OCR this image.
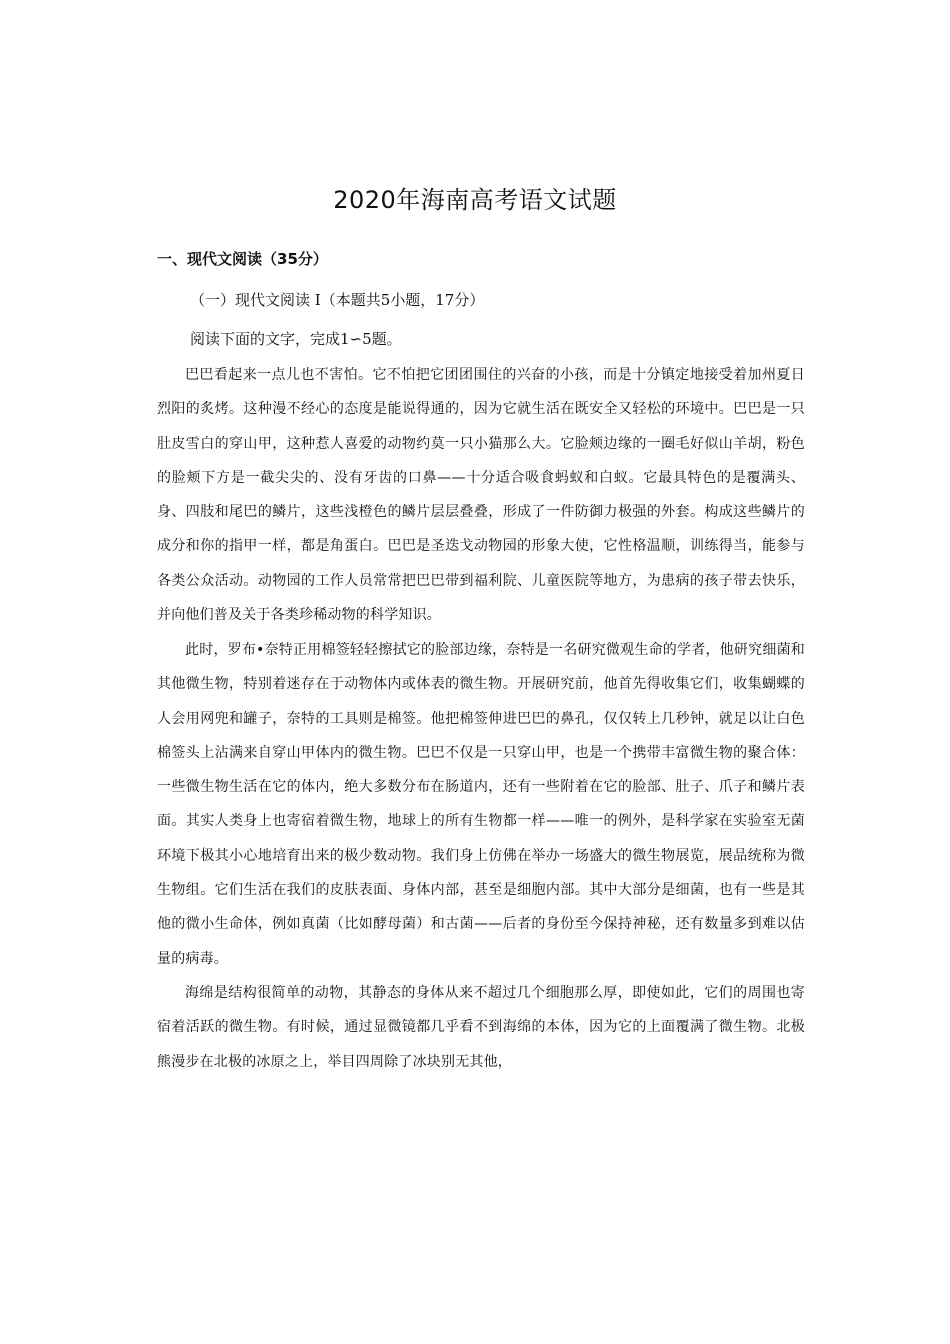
2020年海南高考语文试题
一、现代文阅读（35分）
（一）现代文阅读 I（本题共5小题，17分）
阅读下面的文字，完成1∽5题。

巴巴看起来一点儿也不害怕。它不怕把它团团围住的兴奋的小孩，而是十分镇定地接受着加州夏日烈阳的炙烤。这种漫不经心的态度是能说得通的，因为它就生活在既安全又轻松的环境中。巴巴是一只肚皮雪白的穿山甲，这种惹人喜爱的动物约莫一只小猫那么大。它脸颊边缘的一圈毛好似山羊胡，粉色的脸颊下方是一截尖尖的、没有牙齿的口鼻——十分适合吸食蚂蚁和白蚁。它最具特色的是覆满头、身、四肢和尾巴的鳞片，这些浅橙色的鳞片层层叠叠，形成了一件防御力极强的外套。构成这些鳞片的成分和你的指甲一样，都是角蛋白。巴巴是圣迭戈动物园的形象大使，它性格温顺，训练得当，能参与各类公众活动。动物园的工作人员常常把巴巴带到福利院、儿童医院等地方，为患病的孩子带去快乐，并向他们普及关于各类珍稀动物的科学知识。

此时，罗布•奈特正用棉签轻轻擦拭它的脸部边缘，奈特是一名研究微观生命的学者，他研究细菌和其他微生物，特别着迷存在于动物体内或体表的微生物。开展研究前，他首先得收集它们，收集蝴蝶的人会用网兜和罐子，奈特的工具则是棉签。他把棉签伸进巴巴的鼻孔，仅仅转上几秒钟，就足以让白色棉签头上沾满来自穿山甲体内的微生物。巴巴不仅是一只穿山甲，也是一个携带丰富微生物的聚合体：一些微生物生活在它的体内，绝大多数分布在肠道内，还有一些附着在它的脸部、肚子、爪子和鳞片表面。其实人类身上也寄宿着微生物，地球上的所有生物都一样——唯一的例外，是科学家在实验室无菌环境下极其小心地培育出来的极少数动物。我们身上仿佛在举办一场盛大的微生物展览，展品统称为微生物组。它们生活在我们的皮肤表面、身体内部，甚至是细胞内部。其中大部分是细菌，也有一些是其他的微小生命体，例如真菌（比如酵母菌）和古菌——后者的身份至今保持神秘，还有数量多到难以估量的病毒。

海绵是结构很简单的动物，其静态的身体从来不超过几个细胞那么厚，即使如此，它们的周围也寄宿着活跃的微生物。有时候，通过显微镜都几乎看不到海绵的本体，因为它的上面覆满了微生物。北极熊漫步在北极的冰原之上，举目四周除了冰块别无其他，
